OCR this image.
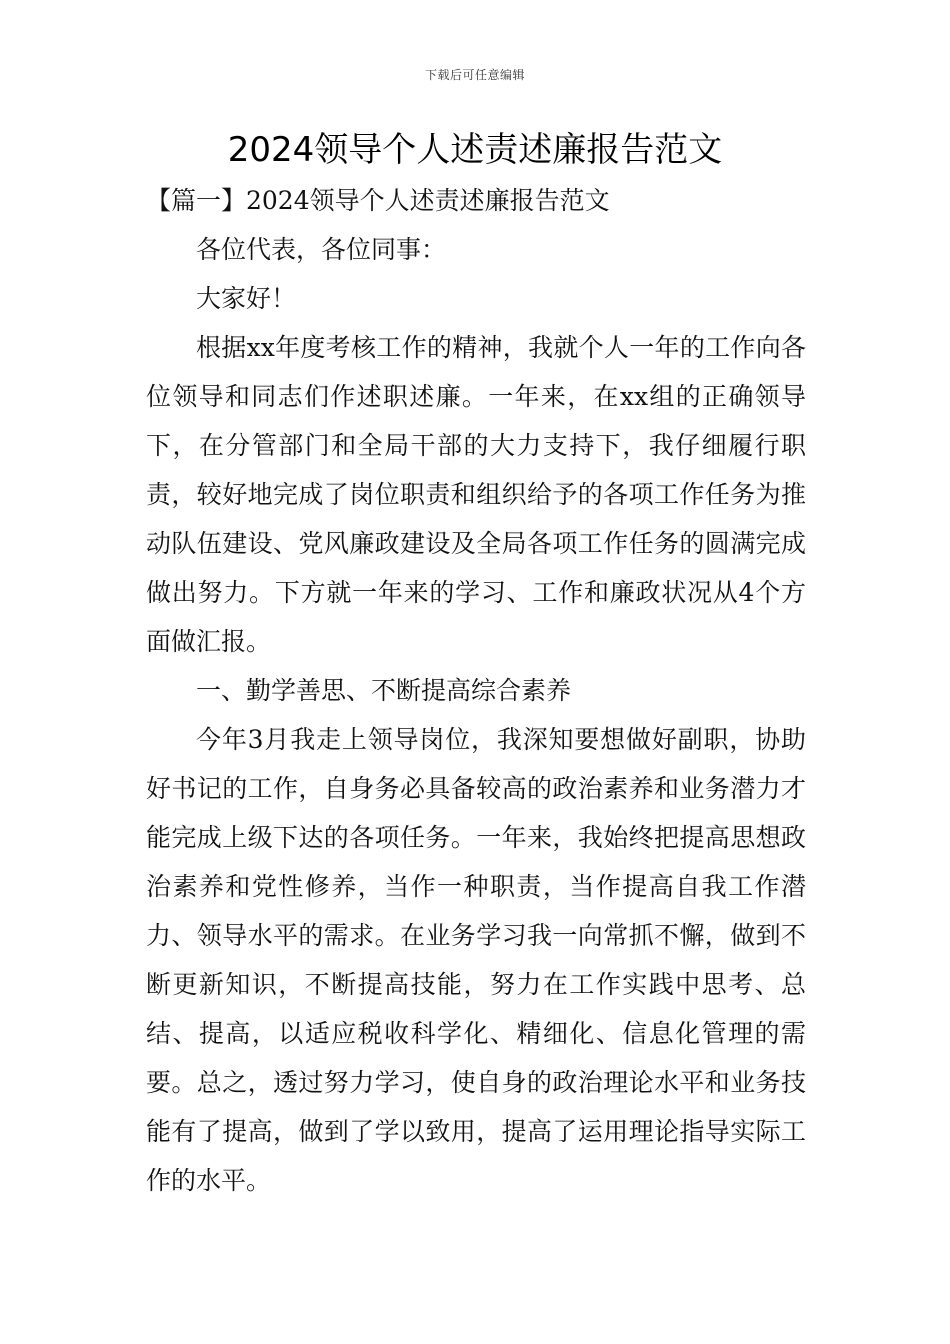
下载后可任意编辑
2024领导个人述责述廉报告范文

【篇一】2024领导个人述责述廉报告范文

各位代表，各位同事：

大家好！

根据xx年度考核工作的精神，我就个人一年的工作向各位领导和同志们作述职述廉。一年来，在xx组的正确领导下，在分管部门和全局干部的大力支持下，我仔细履行职责，较好地完成了岗位职责和组织给予的各项工作任务为推动队伍建设、党风廉政建设及全局各项工作任务的圆满完成做出努力。下方就一年来的学习、工作和廉政状况从4个方面做汇报。

一、勤学善思、不断提高综合素养

今年3月我走上领导岗位，我深知要想做好副职，协助好书记的工作，自身务必具备较高的政治素养和业务潜力才能完成上级下达的各项任务。一年来，我始终把提高思想政治素养和党性修养，当作一种职责，当作提高自我工作潜力、领导水平的需求。在业务学习我一向常抓不懈，做到不断更新知识，不断提高技能，努力在工作实践中思考、总结、提高，以适应税收科学化、精细化、信息化管理的需要。总之，透过努力学习，使自身的政治理论水平和业务技能有了提高，做到了学以致用，提高了运用理论指导实际工作的水平。
